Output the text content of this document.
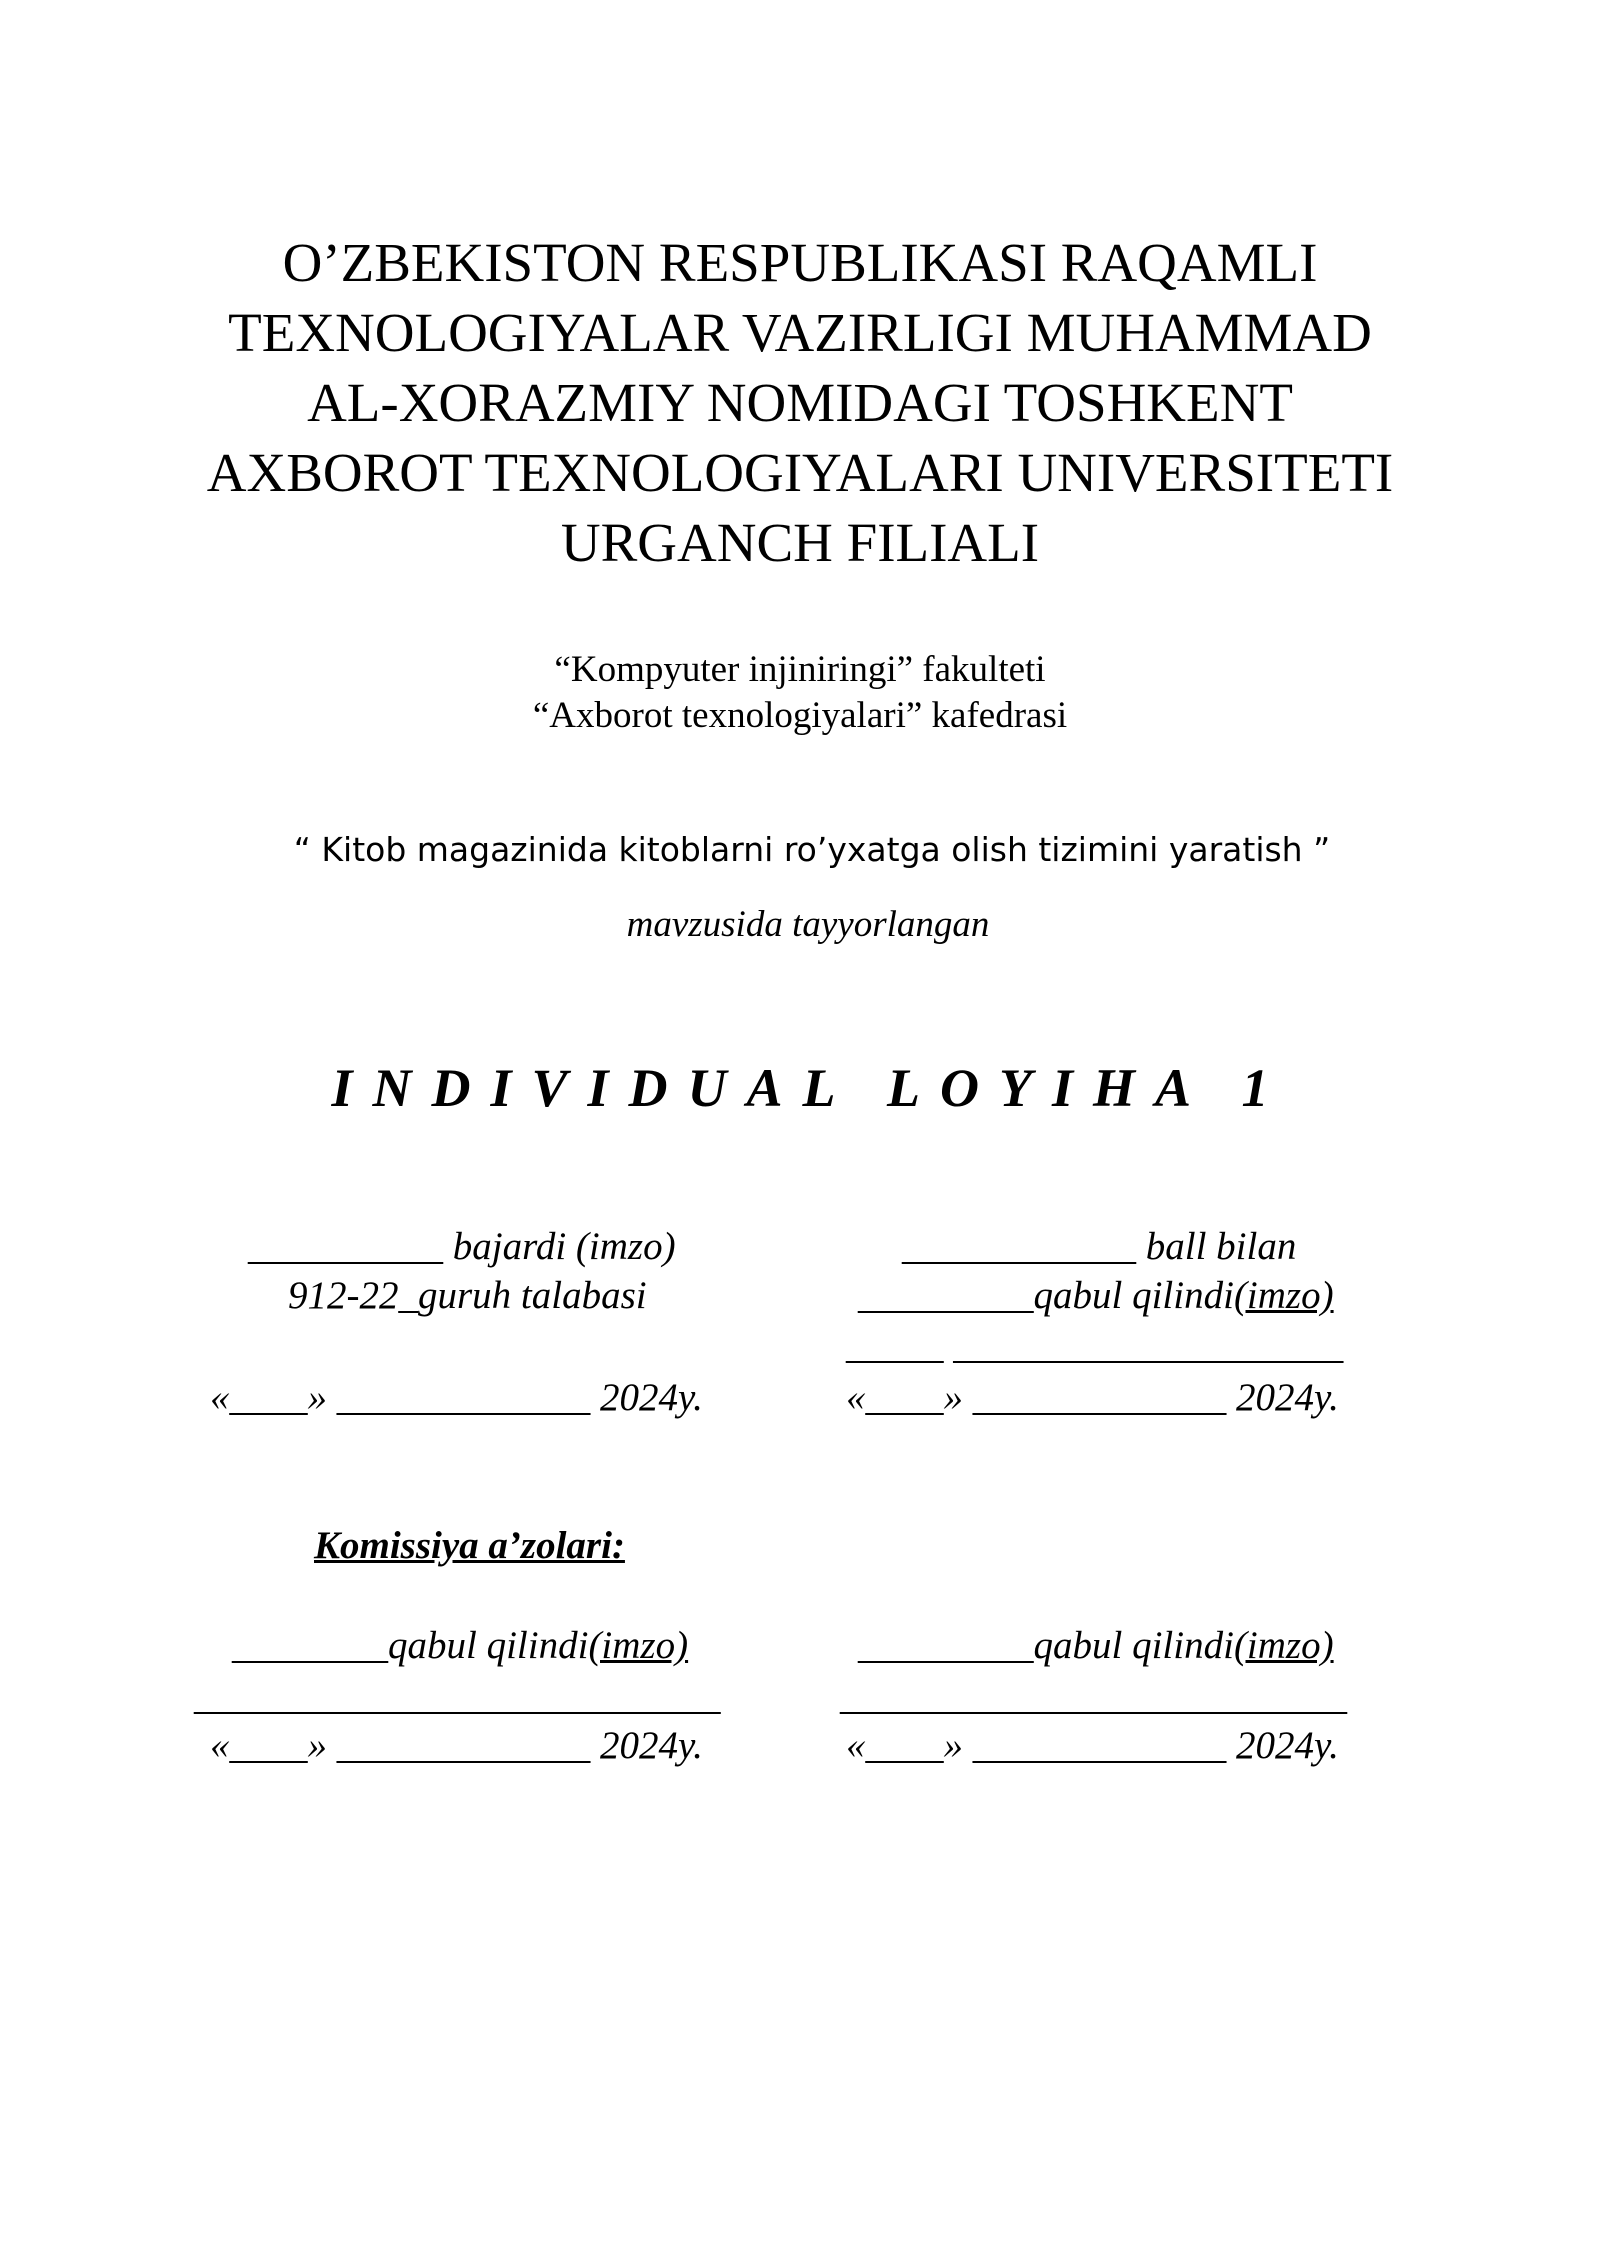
O’ZBEKISTON RESPUBLIKASI RAQAMLI
TEXNOLOGIYALAR VAZIRLIGI MUHAMMAD
AL-XORAZMIY NOMIDAGI TOSHKENT
AXBOROT TEXNOLOGIYALARI UNIVERSITETI
URGANCH FILIALI
“Kompyuter injiniringi” fakulteti
“Axborot texnologiyalari” kafedrasi
“ Kitob magazinida kitoblarni ro’yxatga olish tizimini yaratish ”
mavzusida tayyorlangan
INDIVIDUAL LOYIHA 1
__________ bajardi (imzo)
912-22_guruh talabasi
«____» _____________ 2024y.
____________ ball bilan
_________qabul qilindi(imzo)
_____ ____________________
«____» _____________ 2024y.
Komissiya a’zolari:
________qabul qilindi(imzo)
___________________________
«____» _____________ 2024y.
_________qabul qilindi(imzo)
__________________________
«____» _____________ 2024y.
